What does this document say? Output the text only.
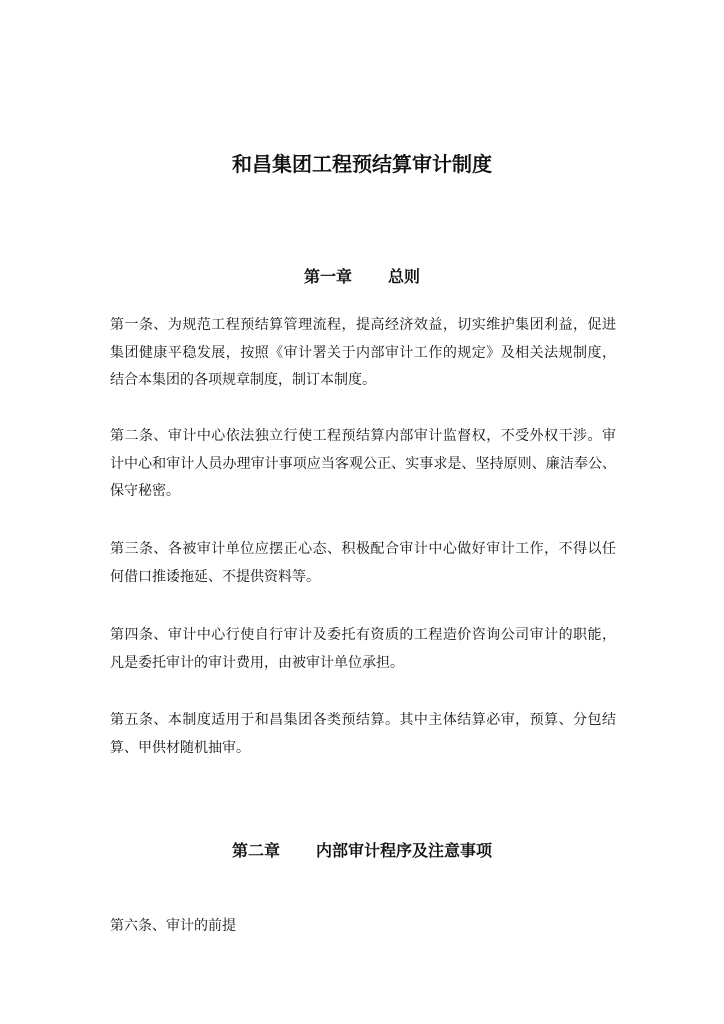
和昌集团工程预结算审计制度
第一章 总则
第一条、为规范工程预结算管理流程，提高经济效益，切实维护集团利益，促进
集团健康平稳发展，按照《审计署关于内部审计工作的规定》及相关法规制度，
结合本集团的各项规章制度，制订本制度。
第二条、审计中心依法独立行使工程预结算内部审计监督权，不受外权干涉。审
计中心和审计人员办理审计事项应当客观公正、实事求是、坚持原则、廉洁奉公、
保守秘密。
第三条、各被审计单位应摆正心态、积极配合审计中心做好审计工作，不得以任
何借口推诿拖延、不提供资料等。
第四条、审计中心行使自行审计及委托有资质的工程造价咨询公司审计的职能，
凡是委托审计的审计费用，由被审计单位承担。
第五条、本制度适用于和昌集团各类预结算。其中主体结算必审，预算、分包结
算、甲供材随机抽审。
第二章 内部审计程序及注意事项
第六条、审计的前提
